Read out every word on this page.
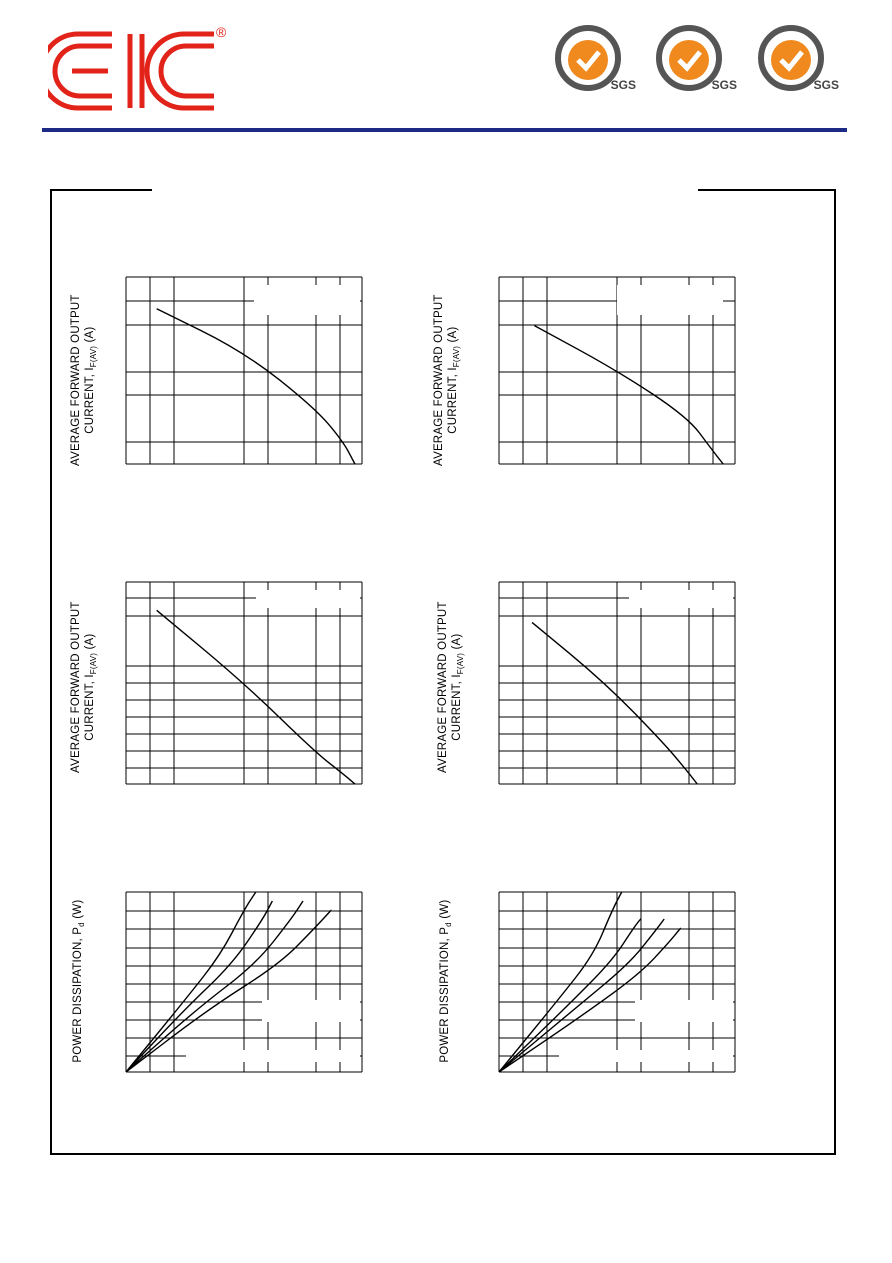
®
SGS	SGS	SGS
AVERAGE FORWARD OUTPUT CURRENT, $I_{F(AV)}$ (A)	AVERAGE FORWARD OUTPUT CURRENT, $I_{F(AV)}$ (A)
AVERAGE FORWARD OUTPUT CURRENT, $I_{F(AV)}$ (A)	AVERAGE FORWARD OUTPUT CURRENT, $I_{F(AV)}$ (A)
POWER DISSIPATION, $P_d$ (W)
POWER DISSIPATION, $P_d$ (W)
